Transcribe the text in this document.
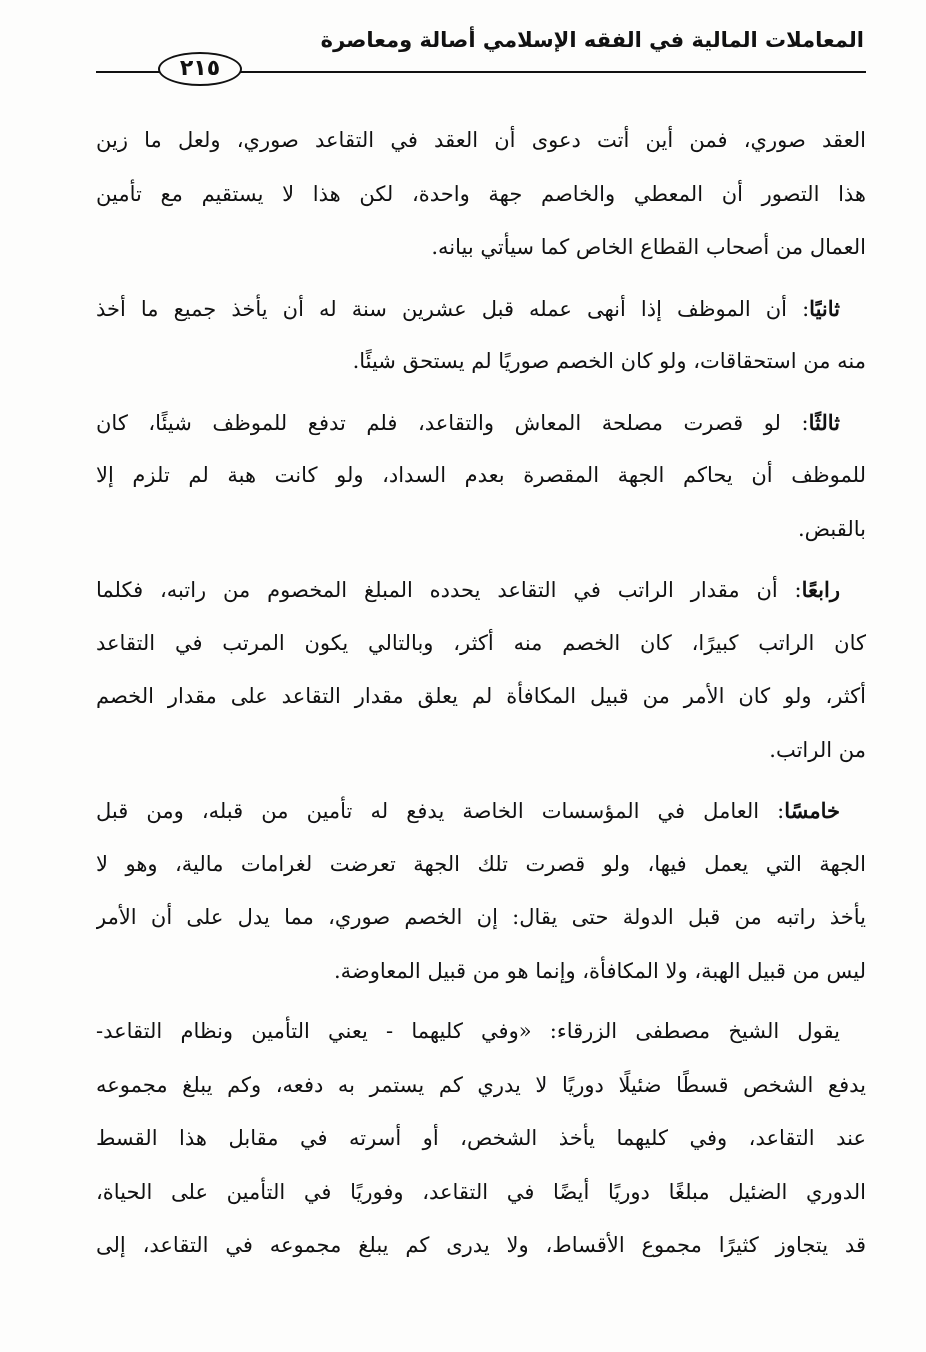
المعاملات المالية في الفقه الإسلامي أصالة ومعاصرة
٢١٥
العقد صوري، فمن أين أتت دعوى أن العقد في التقاعد صوري، ولعل ما زين
هذا التصور أن المعطي والخاصم جهة واحدة، لكن هذا لا يستقيم مع تأمين
العمال من أصحاب القطاع الخاص كما سيأتي بيانه.
ثانيًا: أن الموظف إذا أنهى عمله قبل عشرين سنة له أن يأخذ جميع ما أخذ
منه من استحقاقات، ولو كان الخصم صوريًا لم يستحق شيئًا.
ثالثًا: لو قصرت مصلحة المعاش والتقاعد، فلم تدفع للموظف شيئًا، كان
للموظف أن يحاكم الجهة المقصرة بعدم السداد، ولو كانت هبة لم تلزم إلا
بالقبض.
رابعًا: أن مقدار الراتب في التقاعد يحدده المبلغ المخصوم من راتبه، فكلما
كان الراتب كبيرًا، كان الخصم منه أكثر، وبالتالي يكون المرتب في التقاعد
أكثر، ولو كان الأمر من قبيل المكافأة لم يعلق مقدار التقاعد على مقدار الخصم
من الراتب.
خامسًا: العامل في المؤسسات الخاصة يدفع له تأمين من قبله، ومن قبل
الجهة التي يعمل فيها، ولو قصرت تلك الجهة تعرضت لغرامات مالية، وهو لا
يأخذ راتبه من قبل الدولة حتى يقال: إن الخصم صوري، مما يدل على أن الأمر
ليس من قبيل الهبة، ولا المكافأة، وإنما هو من قبيل المعاوضة.
يقول الشيخ مصطفى الزرقاء: «وفي كليهما - يعني التأمين ونظام التقاعد-
يدفع الشخص قسطًا ضئيلًا دوريًا لا يدري كم يستمر به دفعه، وكم يبلغ مجموعه
عند التقاعد، وفي كليهما يأخذ الشخص، أو أسرته في مقابل هذا القسط
الدوري الضئيل مبلغًا دوريًا أيضًا في التقاعد، وفوريًا في التأمين على الحياة،
قد يتجاوز كثيرًا مجموع الأقساط، ولا يدرى كم يبلغ مجموعه في التقاعد، إلى
